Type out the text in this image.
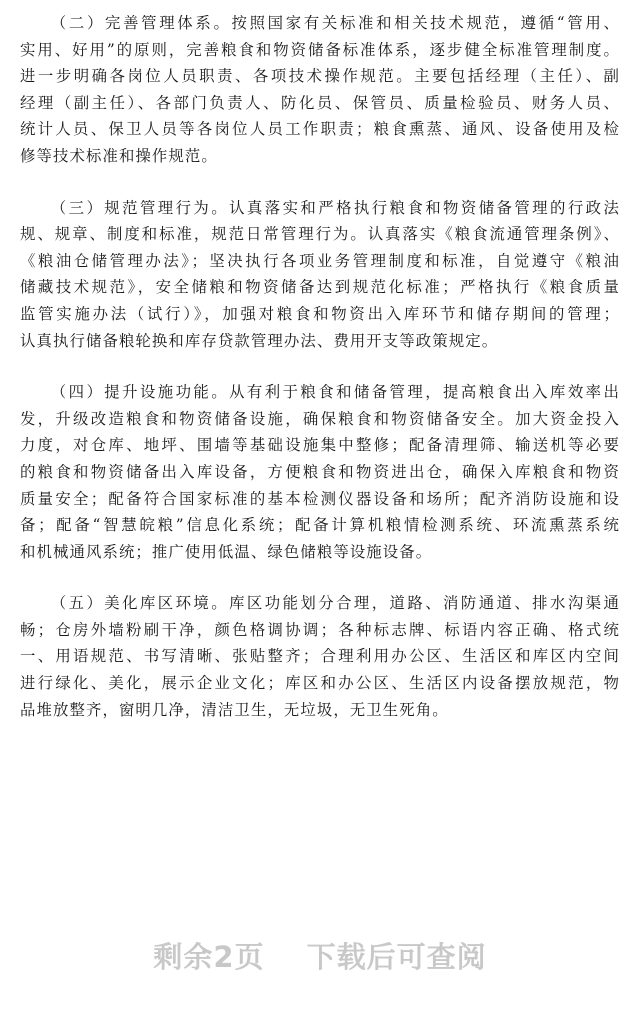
（二）完善管理体系。按照国家有关标准和相关技术规范，遵循“管用、
实用、好用”的原则，完善粮食和物资储备标准体系，逐步健全标准管理制度。
进一步明确各岗位人员职责、各项技术操作规范。主要包括经理（主任）、副
经理（副主任）、各部门负责人、防化员、保管员、质量检验员、财务人员、
统计人员、保卫人员等各岗位人员工作职责；粮食熏蒸、通风、设备使用及检
修等技术标准和操作规范。
（三）规范管理行为。认真落实和严格执行粮食和物资储备管理的行政法
规、规章、制度和标准，规范日常管理行为。认真落实《粮食流通管理条例》、
《粮油仓储管理办法》；坚决执行各项业务管理制度和标准，自觉遵守《粮油
储藏技术规范》，安全储粮和物资储备达到规范化标准；严格执行《粮食质量
监管实施办法（试行）》，加强对粮食和物资出入库环节和储存期间的管理；
认真执行储备粮轮换和库存贷款管理办法、费用开支等政策规定。
（四）提升设施功能。从有利于粮食和储备管理，提高粮食出入库效率出
发，升级改造粮食和物资储备设施，确保粮食和物资储备安全。加大资金投入
力度，对仓库、地坪、围墙等基础设施集中整修；配备清理筛、输送机等必要
的粮食和物资储备出入库设备，方便粮食和物资进出仓，确保入库粮食和物资
质量安全；配备符合国家标准的基本检测仪器设备和场所；配齐消防设施和设
备；配备“智慧皖粮”信息化系统；配备计算机粮情检测系统、环流熏蒸系统
和机械通风系统；推广使用低温、绿色储粮等设施设备。
（五）美化库区环境。库区功能划分合理，道路、消防通道、排水沟渠通
畅；仓房外墙粉刷干净，颜色格调协调；各种标志牌、标语内容正确、格式统
一、用语规范、书写清晰、张贴整齐；合理利用办公区、生活区和库区内空间
进行绿化、美化，展示企业文化；库区和办公区、生活区内设备摆放规范，物
品堆放整齐，窗明几净，清洁卫生，无垃圾，无卫生死角。
剩余2页 下载后可查阅
